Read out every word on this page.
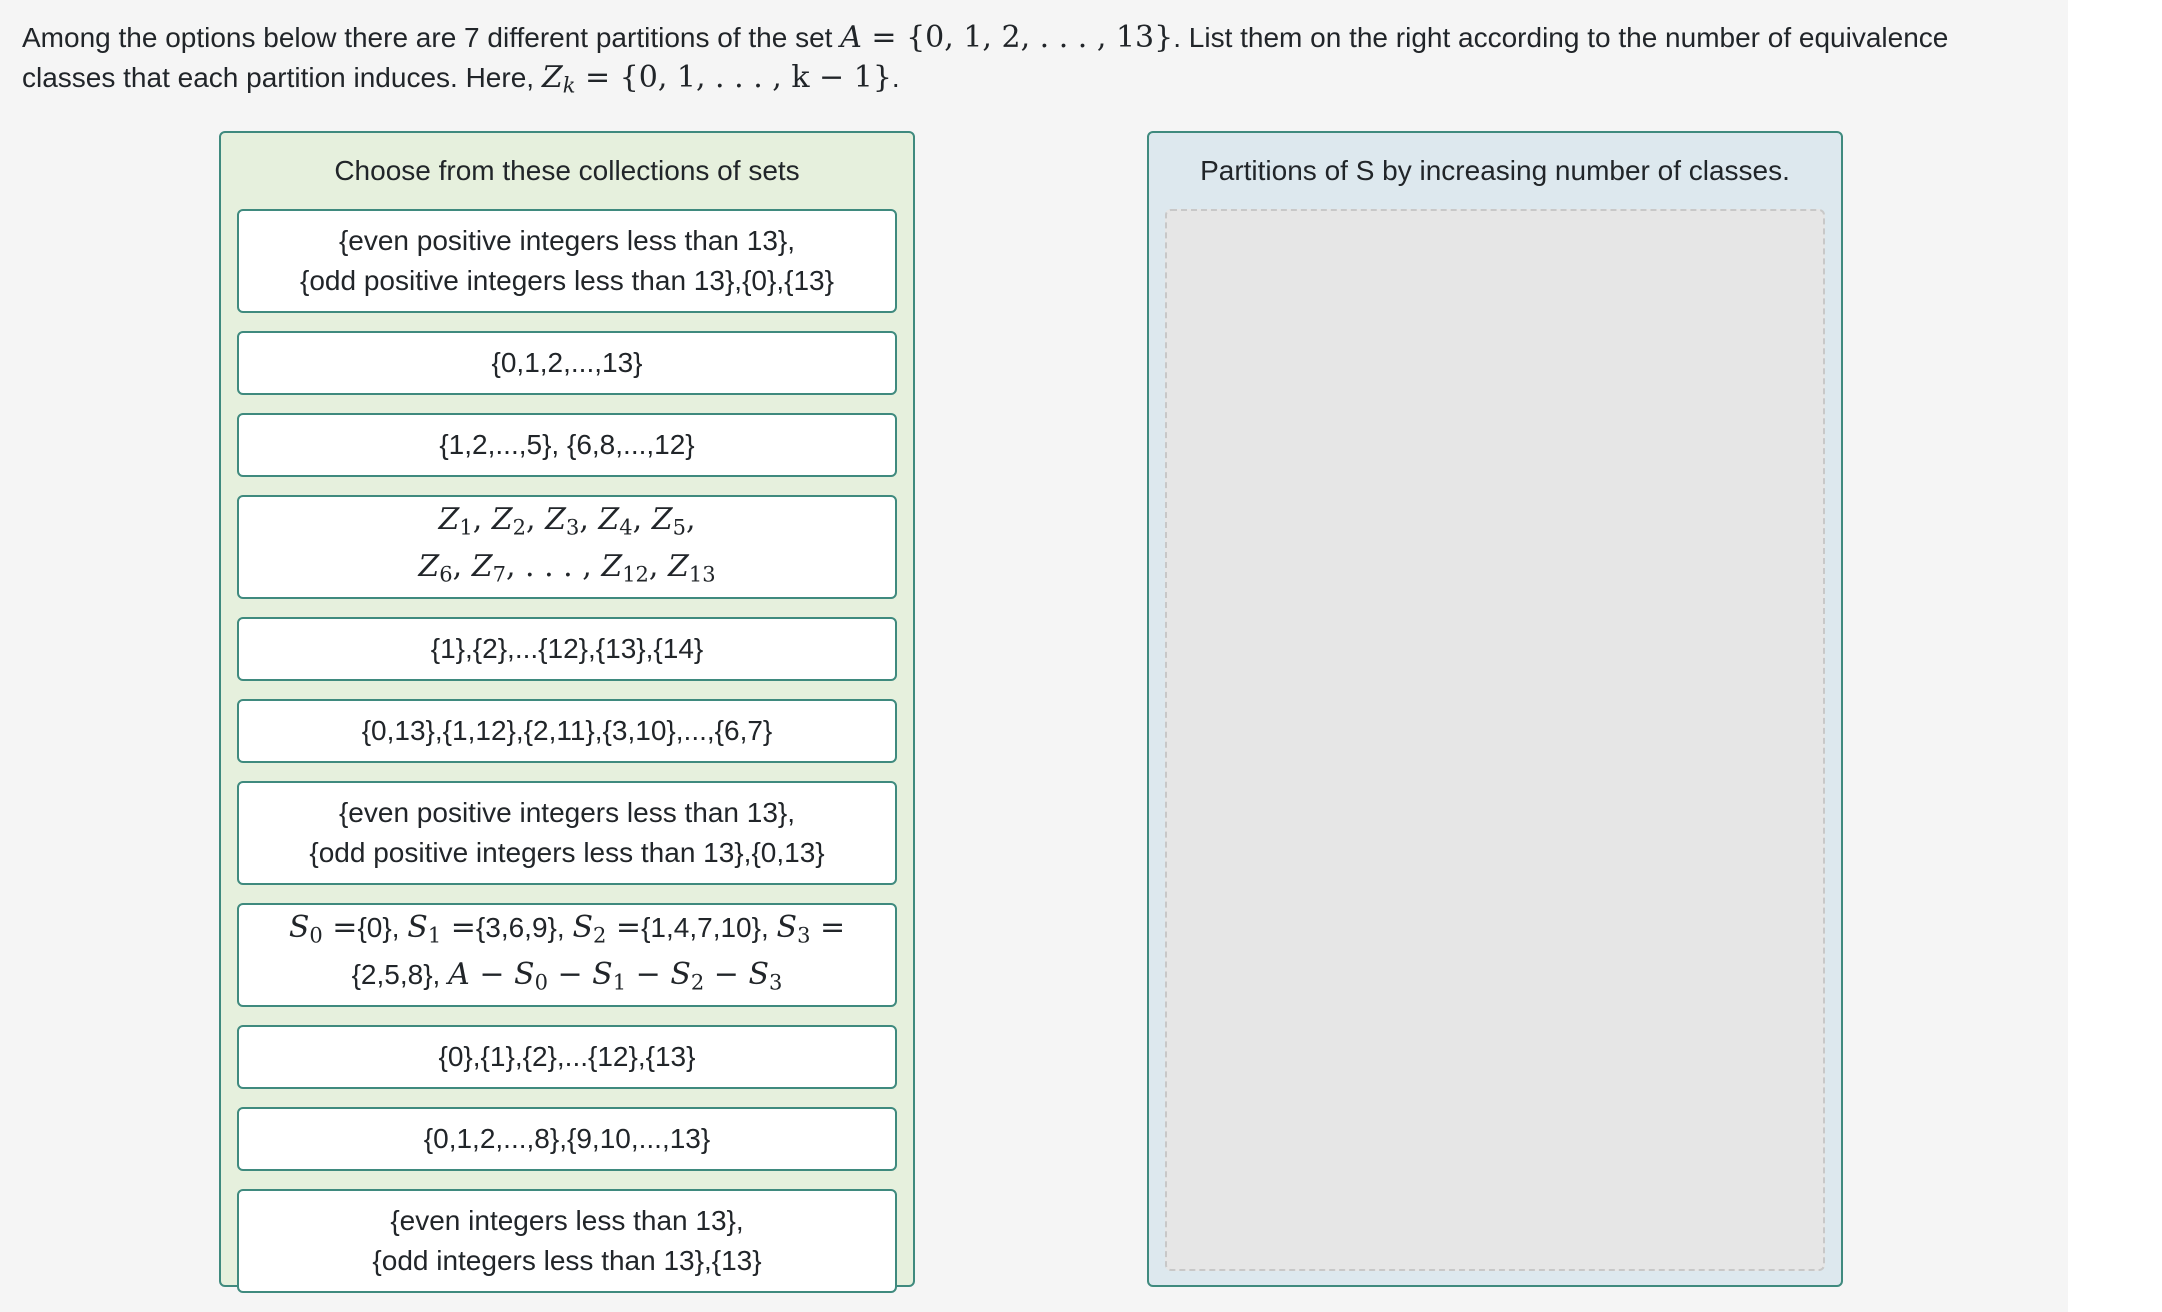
Among the options below there are 7 different partitions of the set A = {0, 1, 2, . . . , 13}. List them on the right according to the number of equivalence classes that each partition induces. Here, $Z_k = \{0$, 1, . . . , k − 1}.
Choose from these collections of sets
{even positive integers less than 13},
{odd positive integers less than 13},{0},{13}
{0,1,2,...,13}
{1,2,...,5}, {6,8,...,12}
$Z_1$, $Z_2$, $Z_3$, $Z_4$, $Z_5$,
$Z_6$, $Z_7$, . . . , $Z_{12}$, $Z_{13}$
{1},{2},...{12},{13},{14}
{0,13},{1,12},{2,11},{3,10},...,{6,7}
{even positive integers less than 13},
{odd positive integers less than 13},{0,13}
$S_0 =\{0\}$, $S_1 =\{3,6,9\}$, $S_2 =\{1,4,7,10\}$, $S_3$ =
{2,5,8}, $A - S_0 - S_1 - S_2 - S_3$
{0},{1},{2},...{12},{13}
{0,1,2,...,8},{9,10,...,13}
{even integers less than 13},
{odd integers less than 13},{13}
Partitions of S by increasing number of classes.
